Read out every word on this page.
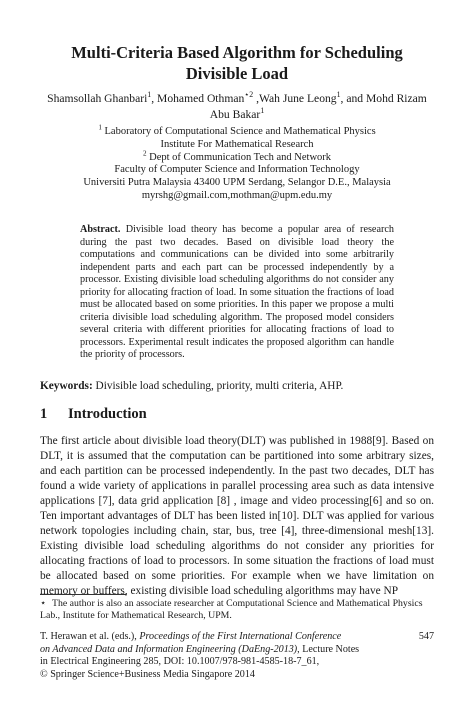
Multi-Criteria Based Algorithm for Scheduling
Divisible Load
Shamsollah Ghanbari$^1$, Mohamed Othman$^{⋆2}$ ,Wah June Leong$^1$, and Mohd Rizam Abu Bakar$^1$
$^1$ Laboratory of Computational Science and Mathematical Physics
Institute For Mathematical Research
$^2$ Dept of Communication Tech and Network
Faculty of Computer Science and Information Technology
Universiti Putra Malaysia 43400 UPM Serdang, Selangor D.E., Malaysia
myrshg@gmail.com,mothman@upm.edu.my
Abstract. Divisible load theory has become a popular area of research during the past two decades. Based on divisible load theory the computations and communications can be divided into some arbitrarily independent parts and each part can be processed independently by a processor. Existing divisible load scheduling algorithms do not consider any priority for allocating fraction of load. In some situation the fractions of load must be allocated based on some priorities. In this paper we propose a multi criteria divisible load scheduling algorithm. The proposed model considers several criteria with different priorities for allocating fractions of load to processors. Experimental result indicates the proposed algorithm can handle the priority of processors.
Keywords: Divisible load scheduling, priority, multi criteria, AHP.
1 Introduction
The first article about divisible load theory(DLT) was published in 1988[9]. Based on DLT, it is assumed that the computation can be partitioned into some arbitrary sizes, and each partition can be processed independently. In the past two decades, DLT has found a wide variety of applications in parallel processing area such as data intensive applications [7], data grid application [8] , image and video processing[6] and so on. Ten important advantages of DLT has been listed in[10]. DLT was applied for various network topologies including chain, star, bus, tree [4], three-dimensional mesh[13]. Existing divisible load scheduling algorithms do not consider any priorities for allocating fractions of load to processors. In some situation the fractions of load must be allocated based on some priorities. For example when we have limitation on memory or buffers, existing divisible load scheduling algorithms may have NP
⋆ The author is also an associate researcher at Computational Science and Mathematical Physics Lab., Institute for Mathematical Research, UPM.
T. Herawan et al. (eds.), Proceedings of the First International Conference
on Advanced Data and Information Engineering (DaEng-2013), Lecture Notes
in Electrical Engineering 285, DOI: 10.1007/978-981-4585-18-7_61,
© Springer Science+Business Media Singapore 2014
547
